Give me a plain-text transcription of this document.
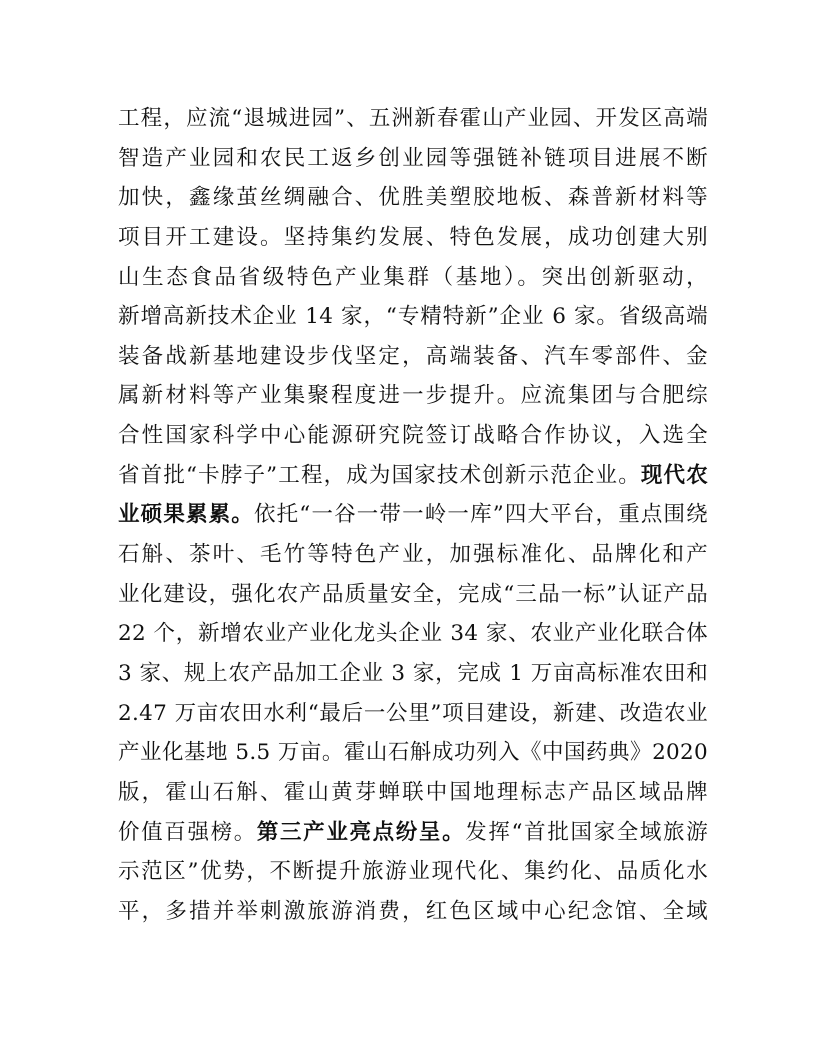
工程，应流“退城进园”、五洲新春霍山产业园、开发区高端
智造产业园和农民工返乡创业园等强链补链项目进展不断
加快，鑫缘茧丝绸融合、优胜美塑胶地板、森普新材料等
项目开工建设。坚持集约发展、特色发展，成功创建大别
山生态食品省级特色产业集群（基地）。突出创新驱动，
新增高新技术企业 14 家，“专精特新”企业 6 家。省级高端
装备战新基地建设步伐坚定，高端装备、汽车零部件、金
属新材料等产业集聚程度进一步提升。应流集团与合肥综
合性国家科学中心能源研究院签订战略合作协议，入选全
省首批“卡脖子”工程，成为国家技术创新示范企业。现代农
业硕果累累。依托“一谷一带一岭一库”四大平台，重点围绕
石斛、茶叶、毛竹等特色产业，加强标准化、品牌化和产
业化建设，强化农产品质量安全，完成“三品一标”认证产品
22 个，新增农业产业化龙头企业 34 家、农业产业化联合体
3 家、规上农产品加工企业 3 家，完成 1 万亩高标准农田和
2.47 万亩农田水利“最后一公里”项目建设，新建、改造农业
产业化基地 5.5 万亩。霍山石斛成功列入《中国药典》2020
版，霍山石斛、霍山黄芽蝉联中国地理标志产品区域品牌
价值百强榜。第三产业亮点纷呈。发挥“首批国家全域旅游
示范区”优势，不断提升旅游业现代化、集约化、品质化水
平，多措并举刺激旅游消费，红色区域中心纪念馆、全域
